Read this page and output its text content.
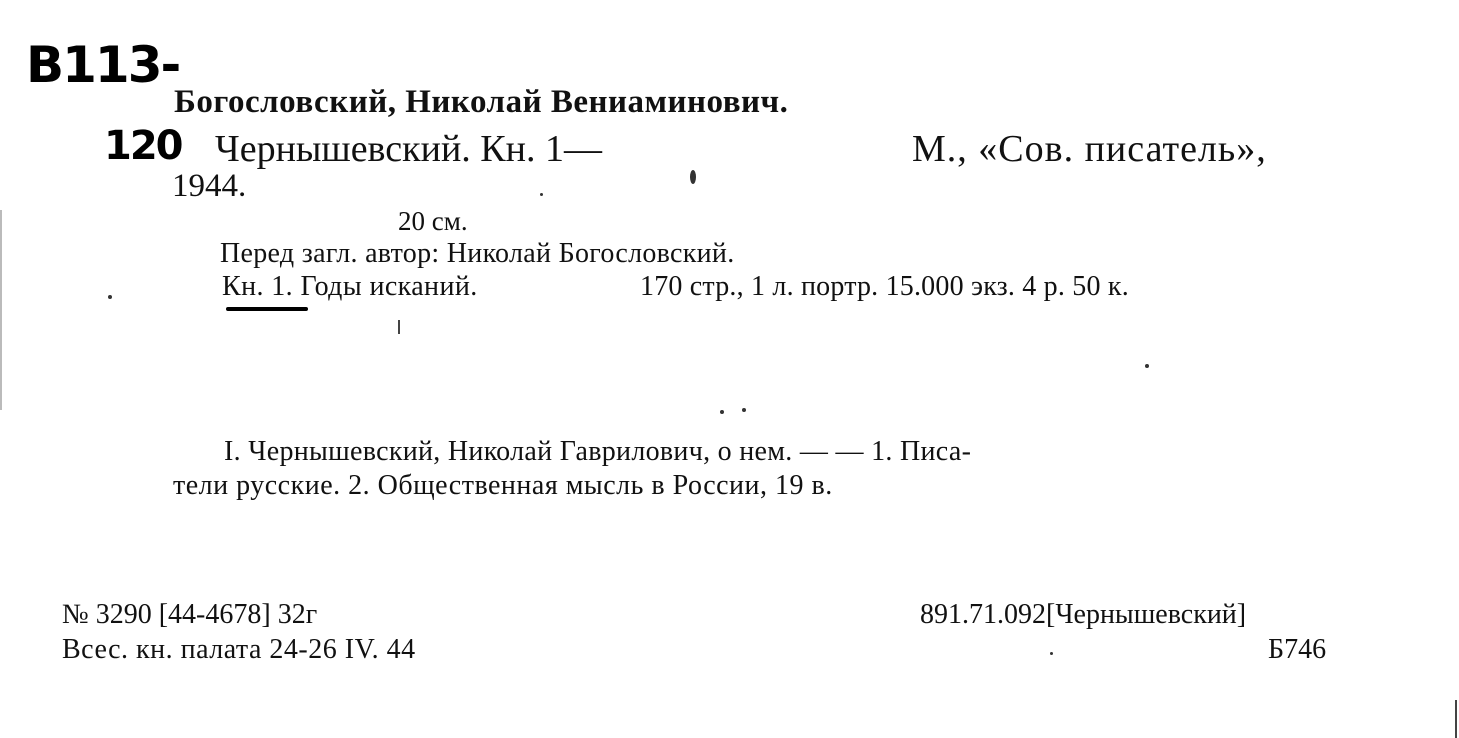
B113-
120
Богословский, Николай Вениаминович.
Чернышевский. Кн. 1—	М., «Сов. писатель»,
1944.
20 см.
Перед загл. автор: Николай Богословский.
Кн. 1. Годы исканий.	170 стр., 1 л. портр. 15.000 экз. 4 р. 50 к.
I. Чернышевский, Николай Гаврилович, о нем. — — 1. Писа-
тели русские. 2. Общественная мысль в России, 19 в.
№ 3290 [44-4678] 32г
Всес. кн. палата 24-26 IV. 44
891.71.092[Чернышевский]
Б746
